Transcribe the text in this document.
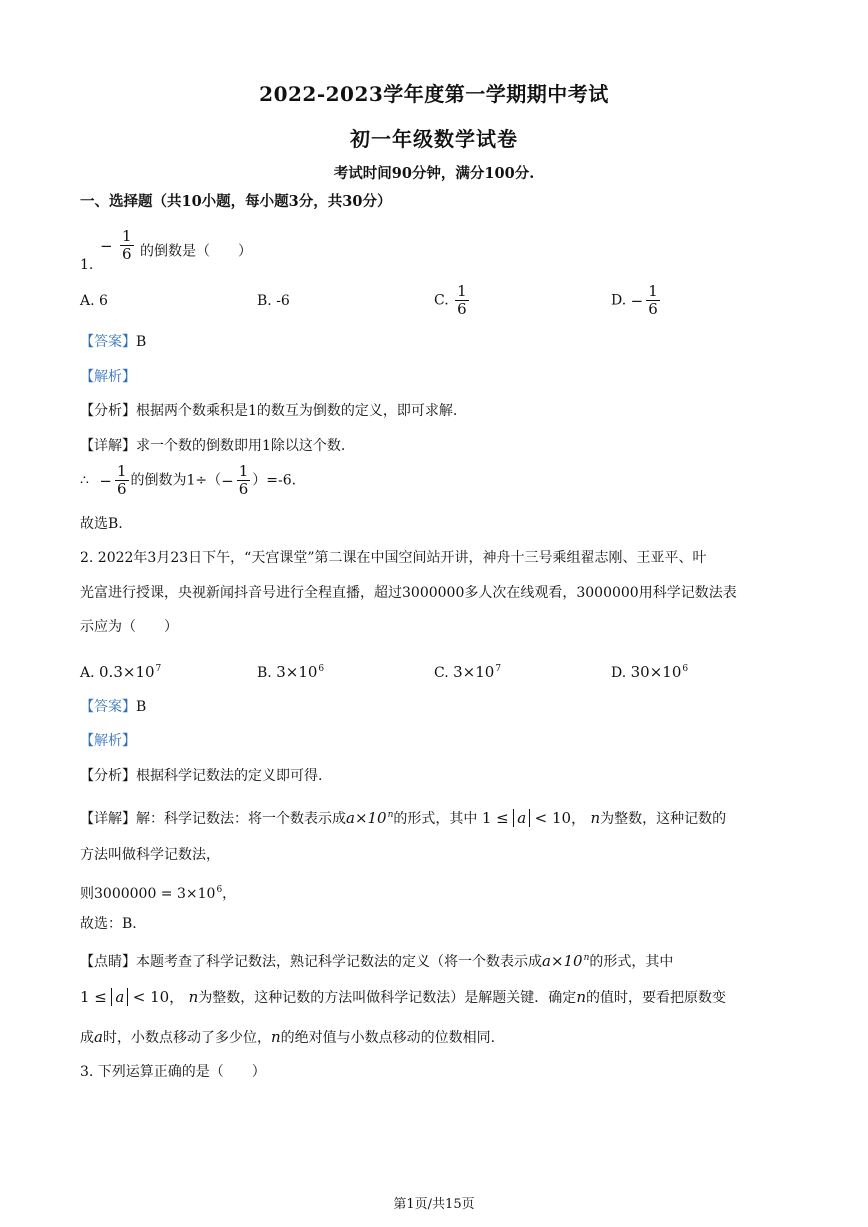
2022-2023学年度第一学期期中考试
初一年级数学试卷
考试时间90分钟，满分100分.
一、选择题（共10小题，每小题3分，共30分）
1.
− $\frac{1}{6}$ 的倒数是（　　）
A. 6	B. ‐6	C. $\frac{1}{6}$	D. − $\frac{1}{6}$
【答案】B
【解析】
【分析】根据两个数乘积是1的数互为倒数的定义，即可求解.
【详解】求一个数的倒数即用1除以这个数.
∴ − $\frac{1}{6}$ 的倒数为$1\div(- \frac{1}{6} )=-6$.
故选B.
2. 2022年3月23日下午，“天宫课堂”第二课在中国空间站开讲，神舟十三号乘组翟志刚、王亚平、叶
光富进行授课，央视新闻抖音号进行全程直播，超过3000000多人次在线观看，3000000用科学记数法表
示应为（　　）
A. $0.3\times 10^7$	B. $3\times 10^6$	C. $3\times 10^7$	D. $30\times 10^6$
【答案】B
【解析】
【分析】根据科学记数法的定义即可得.
【详解】解：科学记数法：将一个数表示成$a\times 10^n$的形式，其中 1 ≤ a < 10， n为整数，这种记数的
方法叫做科学记数法，
则$3000000 = 3\times 10^6$，
故选：B.
【点睛】本题考查了科学记数法，熟记科学记数法的定义（将一个数表示成$a\times 10^n$的形式，其中
1 ≤ a < 10， n为整数，这种记数的方法叫做科学记数法）是解题关键．确定n的值时，要看把原数变
成a时，小数点移动了多少位，n的绝对值与小数点移动的位数相同.
3. 下列运算正确的是（　　）
第1页/共15页
